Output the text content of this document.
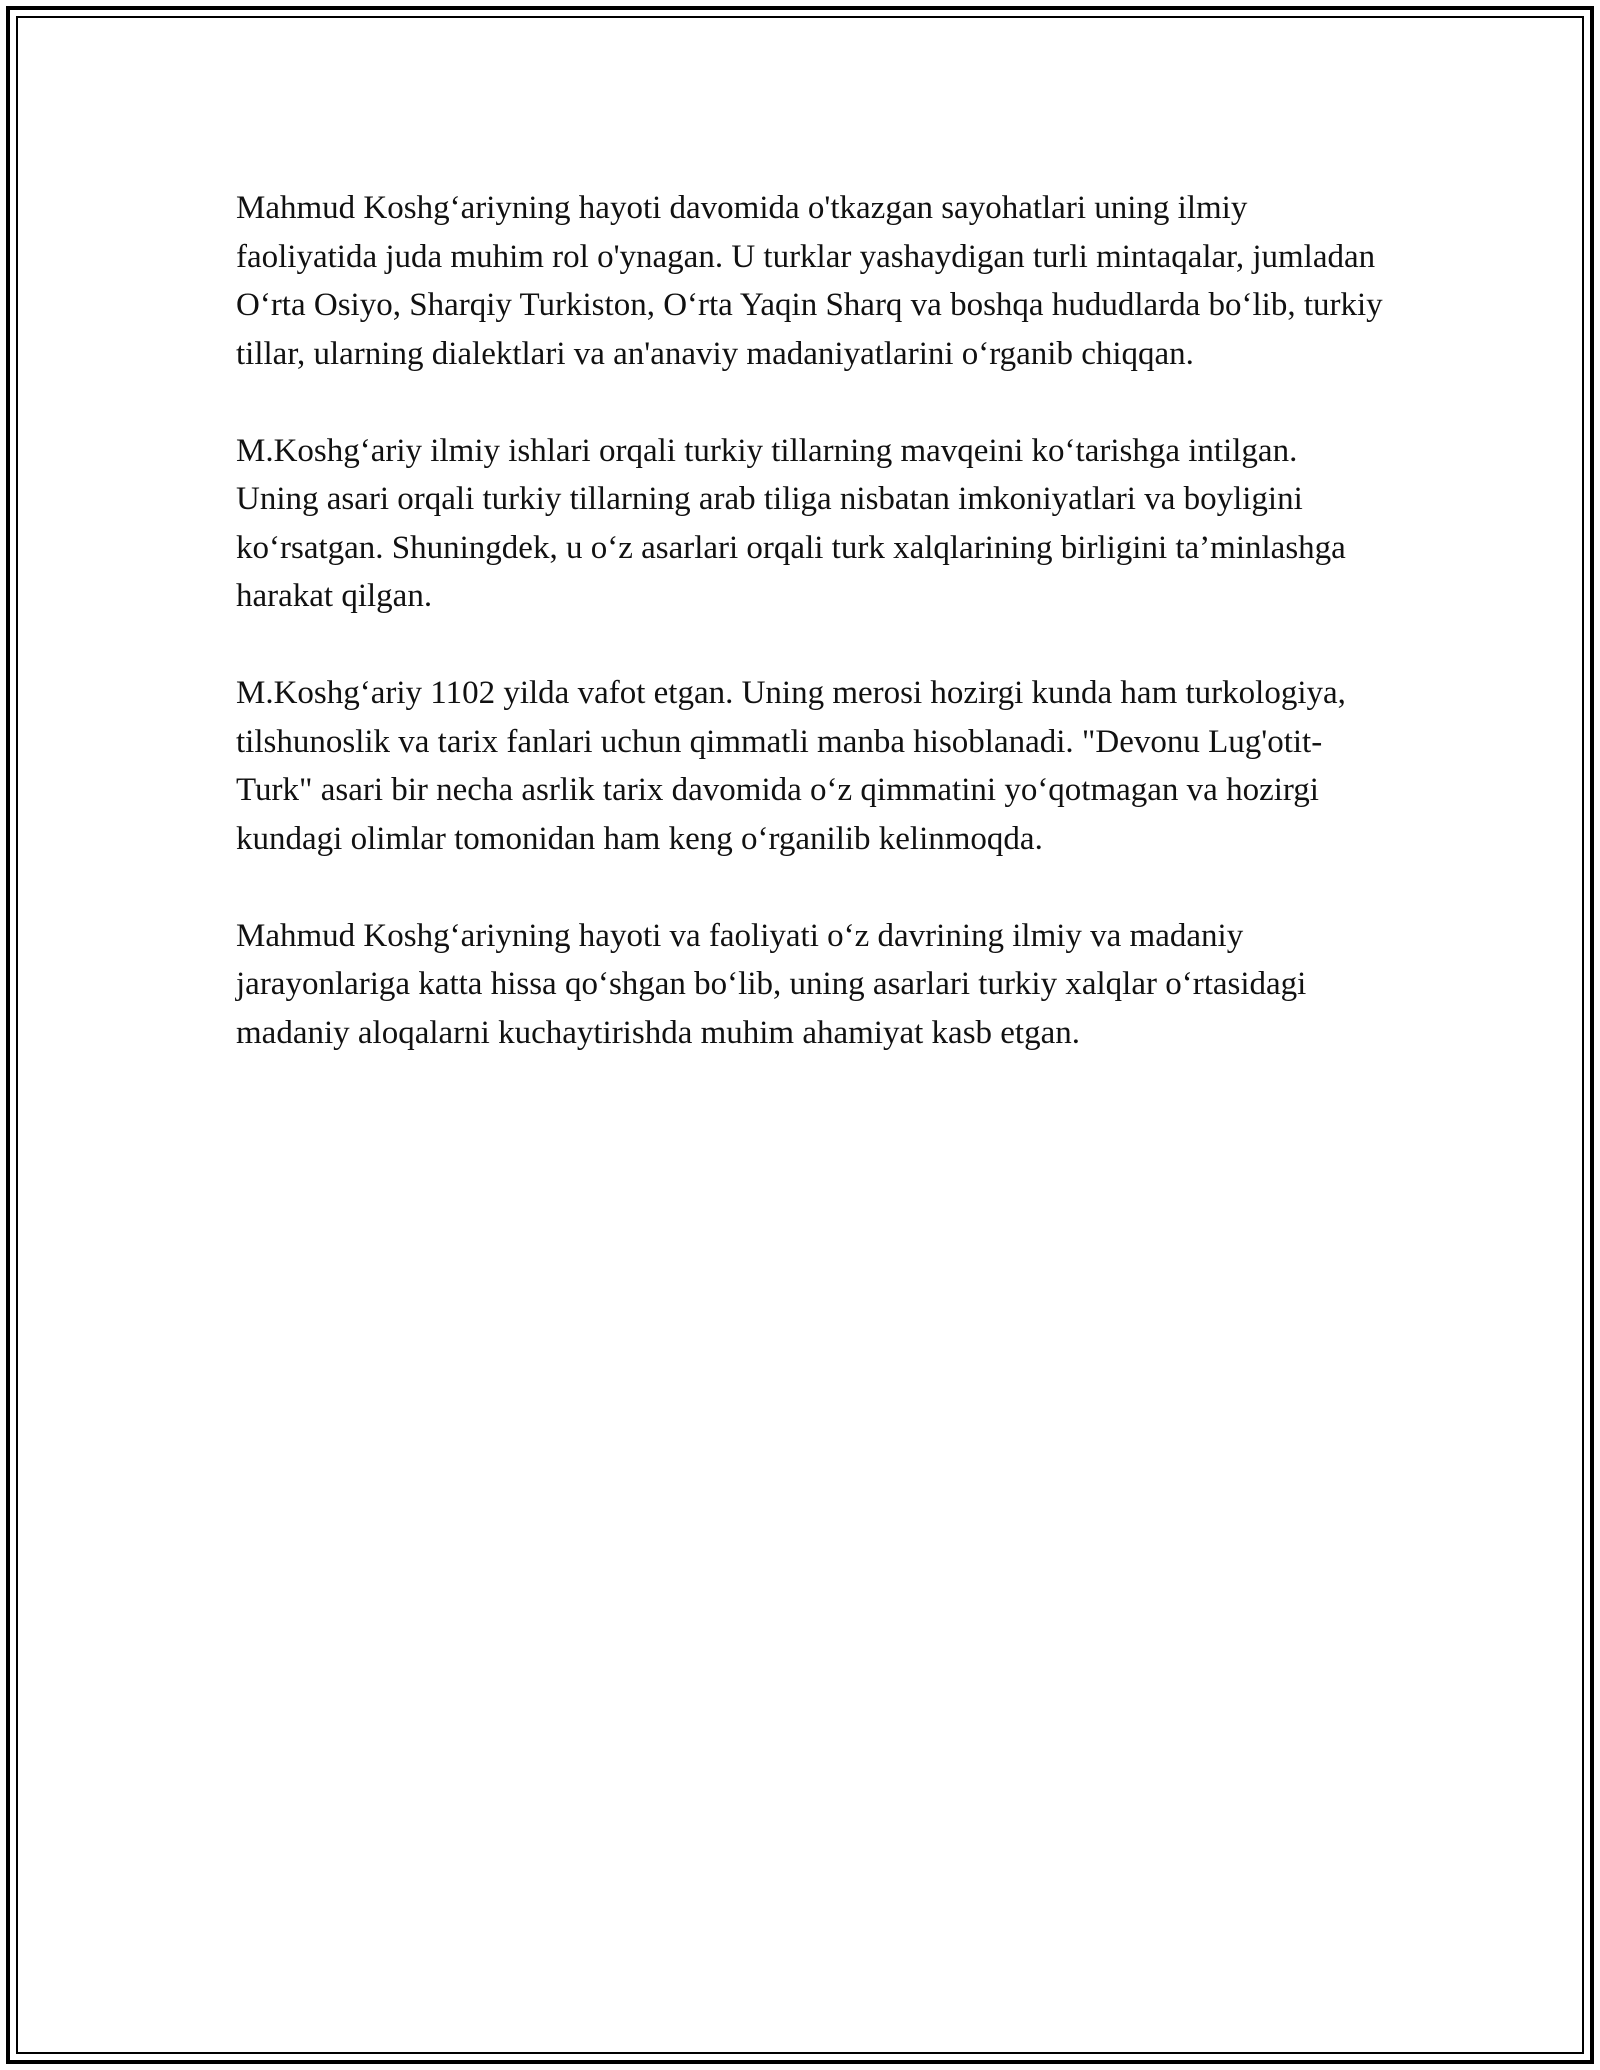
Mahmud Koshg‘ariyning hayoti davomida o'tkazgan sayohatlari uning ilmiy faoliyatida juda muhim rol o'ynagan. U turklar yashaydigan turli mintaqalar, jumladan O‘rta Osiyo, Sharqiy Turkiston, O‘rta Yaqin Sharq va boshqa hududlarda bo‘lib, turkiy tillar, ularning dialektlari va an'anaviy madaniyatlarini o‘rganib chiqqan.

M.Koshg‘ariy ilmiy ishlari orqali turkiy tillarning mavqeini ko‘tarishga intilgan. Uning asari orqali turkiy tillarning arab tiliga nisbatan imkoniyatlari va boyligini ko‘rsatgan. Shuningdek, u o‘z asarlari orqali turk xalqlarining birligini ta’minlashga harakat qilgan.

M.Koshg‘ariy 1102 yilda vafot etgan. Uning merosi hozirgi kunda ham turkologiya, tilshunoslik va tarix fanlari uchun qimmatli manba hisoblanadi. "Devonu Lug'otit-Turk" asari bir necha asrlik tarix davomida o‘z qimmatini yo‘qotmagan va hozirgi kundagi olimlar tomonidan ham keng o‘rganilib kelinmoqda.

Mahmud Koshg‘ariyning hayoti va faoliyati o‘z davrining ilmiy va madaniy jarayonlariga katta hissa qo‘shgan bo‘lib, uning asarlari turkiy xalqlar o‘rtasidagi madaniy aloqalarni kuchaytirishda muhim ahamiyat kasb etgan.
